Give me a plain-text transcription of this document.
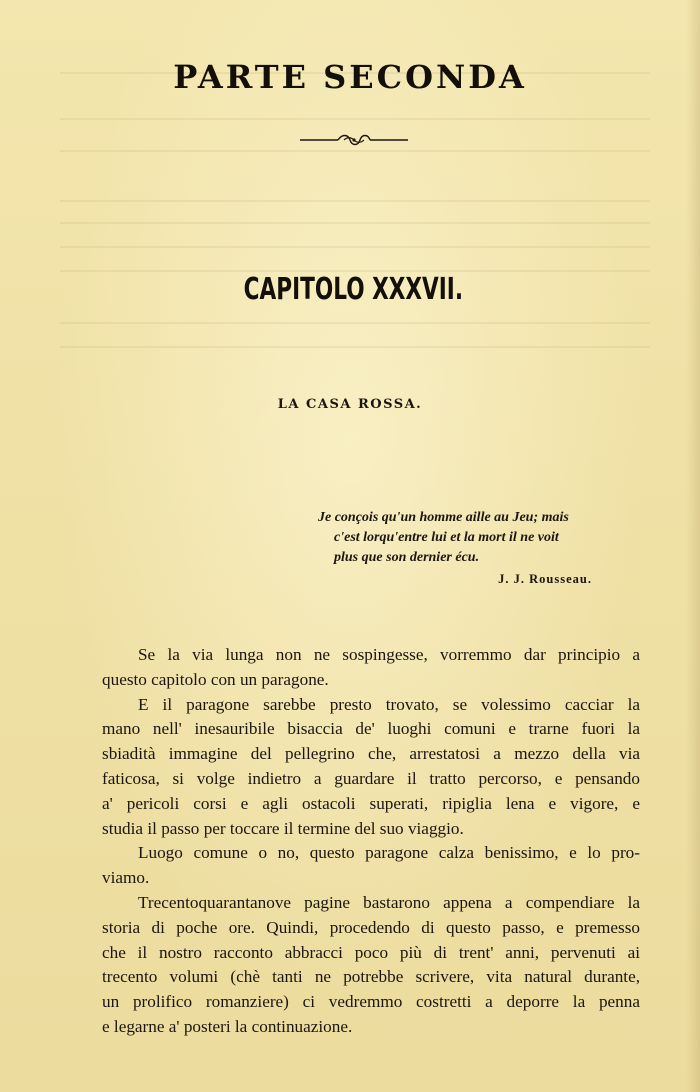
PARTE SECONDA
CAPITOLO XXXVII.
LA CASA ROSSA.
Je conçois qu'un homme aille au Jeu; mais
c'est lorqu'entre lui et la mort il ne voit
plus que son dernier écu.
J. J. Rousseau.

Se la via lunga non ne sospingesse, vorremmo dar principio a
questo capitolo con un paragone.

E il paragone sarebbe presto trovato, se volessimo cacciar la
mano nell' inesauribile bisaccia de' luoghi comuni e trarne fuori la
sbiadità immagine del pellegrino che, arrestatosi a mezzo della via
faticosa, si volge indietro a guardare il tratto percorso, e pensando
a' pericoli corsi e agli ostacoli superati, ripiglia lena e vigore, e
studia il passo per toccare il termine del suo viaggio.

Luogo comune o no, questo paragone calza benissimo, e lo pro-
viamo.

Trecentoquarantanove pagine bastarono appena a compendiare la
storia di poche ore. Quindi, procedendo di questo passo, e premesso
che il nostro racconto abbracci poco più di trent' anni, pervenuti ai
trecento volumi (chè tanti ne potrebbe scrivere, vita natural durante,
un prolifico romanziere) ci vedremmo costretti a deporre la penna
e legarne a' posteri la continuazione.
